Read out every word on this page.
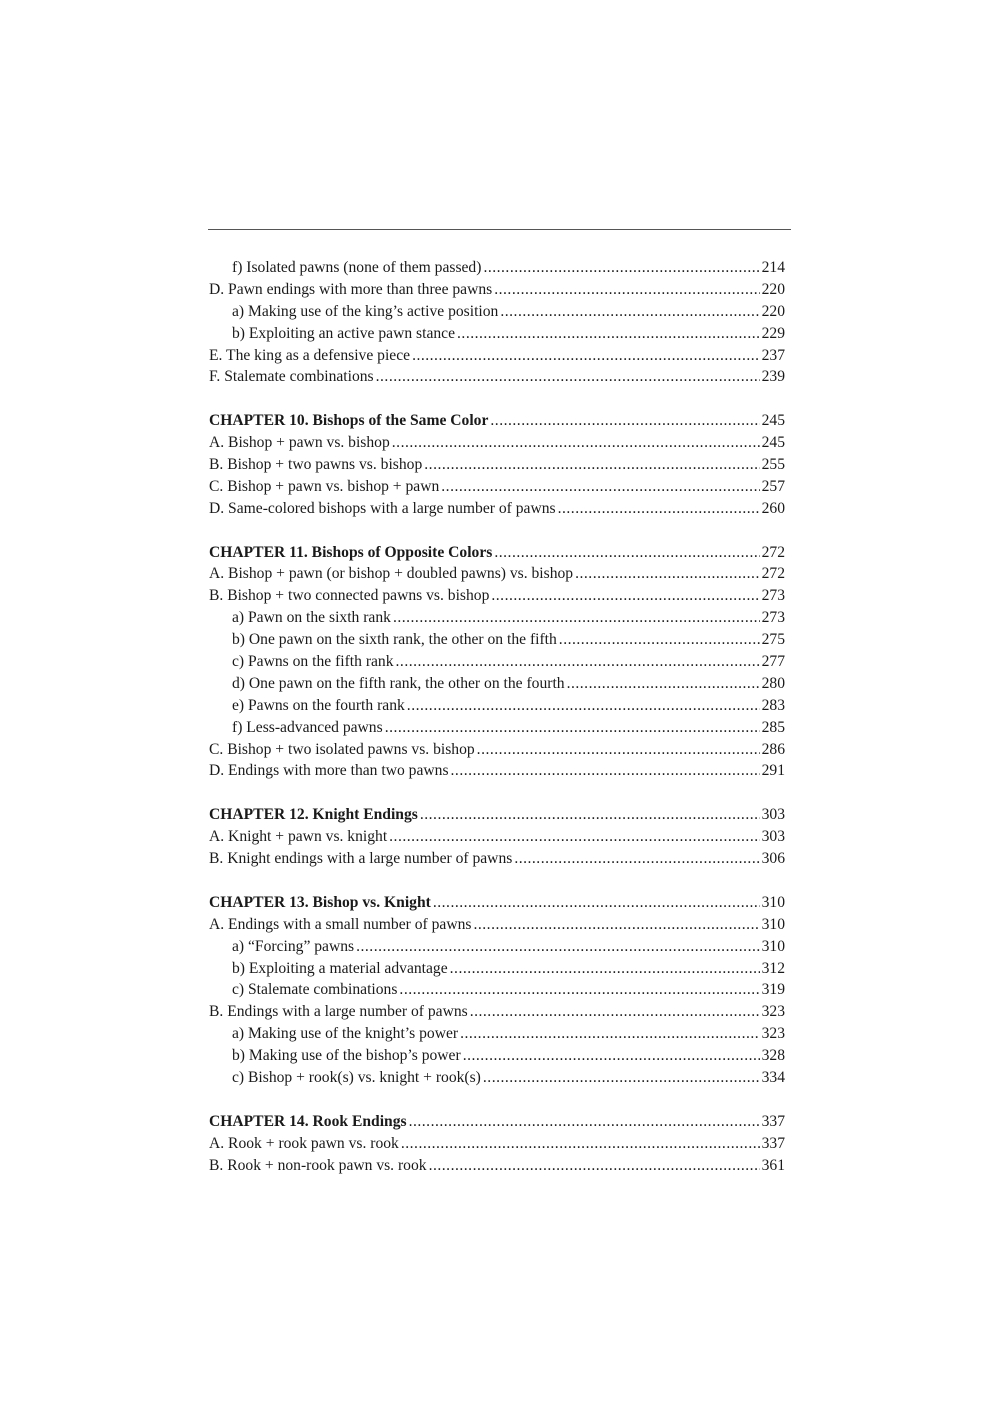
f) Isolated pawns (none of them passed) .....	214
D. Pawn endings with more than three pawns .....	220
a) Making use of the king’s active position .....	220
b) Exploiting an active pawn stance .....	229
E. The king as a defensive piece .....	237
F. Stalemate combinations .....	239
CHAPTER 10. Bishops of the Same Color .....	245
A. Bishop + pawn vs. bishop .....	245
B. Bishop + two pawns vs. bishop .....	255
C. Bishop + pawn vs. bishop + pawn .....	257
D. Same-colored bishops with a large number of pawns .....	260
CHAPTER 11. Bishops of Opposite Colors .....	272
A. Bishop + pawn (or bishop + doubled pawns) vs. bishop .....	272
B. Bishop + two connected pawns vs. bishop .....	273
a) Pawn on the sixth rank .....	273
b) One pawn on the sixth rank, the other on the fifth .....	275
c) Pawns on the fifth rank .....	277
d) One pawn on the fifth rank, the other on the fourth .....	280
e) Pawns on the fourth rank .....	283
f) Less-advanced pawns .....	285
C. Bishop + two isolated pawns vs. bishop .....	286
D. Endings with more than two pawns .....	291
CHAPTER 12. Knight Endings .....	303
A. Knight + pawn vs. knight .....	303
B. Knight endings with a large number of pawns .....	306
CHAPTER 13. Bishop vs. Knight .....	310
A. Endings with a small number of pawns .....	310
a) “Forcing” pawns .....	310
b) Exploiting a material advantage .....	312
c) Stalemate combinations .....	319
B. Endings with a large number of pawns .....	323
a) Making use of the knight’s power .....	323
b) Making use of the bishop’s power .....	328
c) Bishop + rook(s) vs. knight + rook(s) .....	334
CHAPTER 14. Rook Endings .....	337
A. Rook + rook pawn vs. rook .....	337
B. Rook + non-rook pawn vs. rook .....	361
